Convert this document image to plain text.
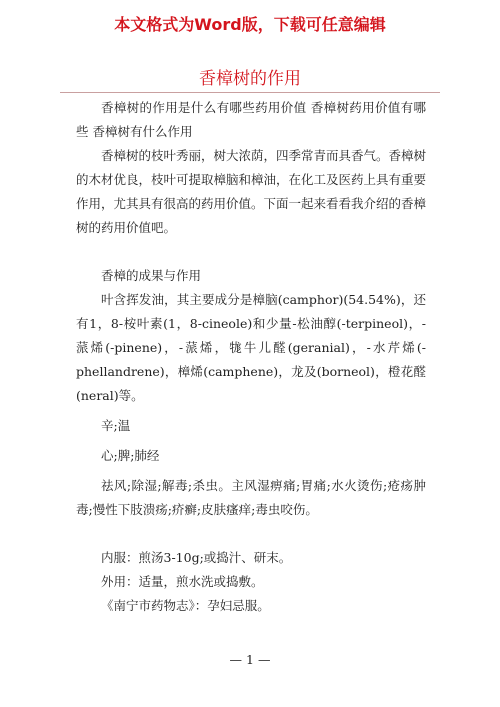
本文格式为Word版，下载可任意编辑
香樟树的作用

香樟树的作用是什么有哪些药用价值 香樟树药用价值有哪些 香樟树有什么作用

香樟树的枝叶秀丽，树大浓荫，四季常青而具香气。香樟树的木材优良，枝叶可提取樟脑和樟油，在化工及医药上具有重要作用，尤其具有很高的药用价值。下面一起来看看我介绍的香樟树的药用价值吧。

香樟的成果与作用

叶含挥发油，其主要成分是樟脑(camphor)(54.54%)，还有1，8-桉叶素(1，8-cineole)和少量-松油醇(-terpineol)，-蒎烯(-pinene)，-蒎烯，牻牛儿醛(geranial)，-水芹烯(-phellandrene)，樟烯(camphene)，龙及(borneol)，橙花醛(neral)等。

辛;温

心;脾;肺经

祛风;除湿;解毒;杀虫。主风湿痹痛;胃痛;水火烫伤;疮疡肿毒;慢性下肢溃疡;疥癣;皮肤瘙痒;毒虫咬伤。

内服：煎汤3-10g;或捣汁、研末。

外用：适量，煎水洗或捣敷。

《南宁市药物志》：孕妇忌服。

— 1 —
